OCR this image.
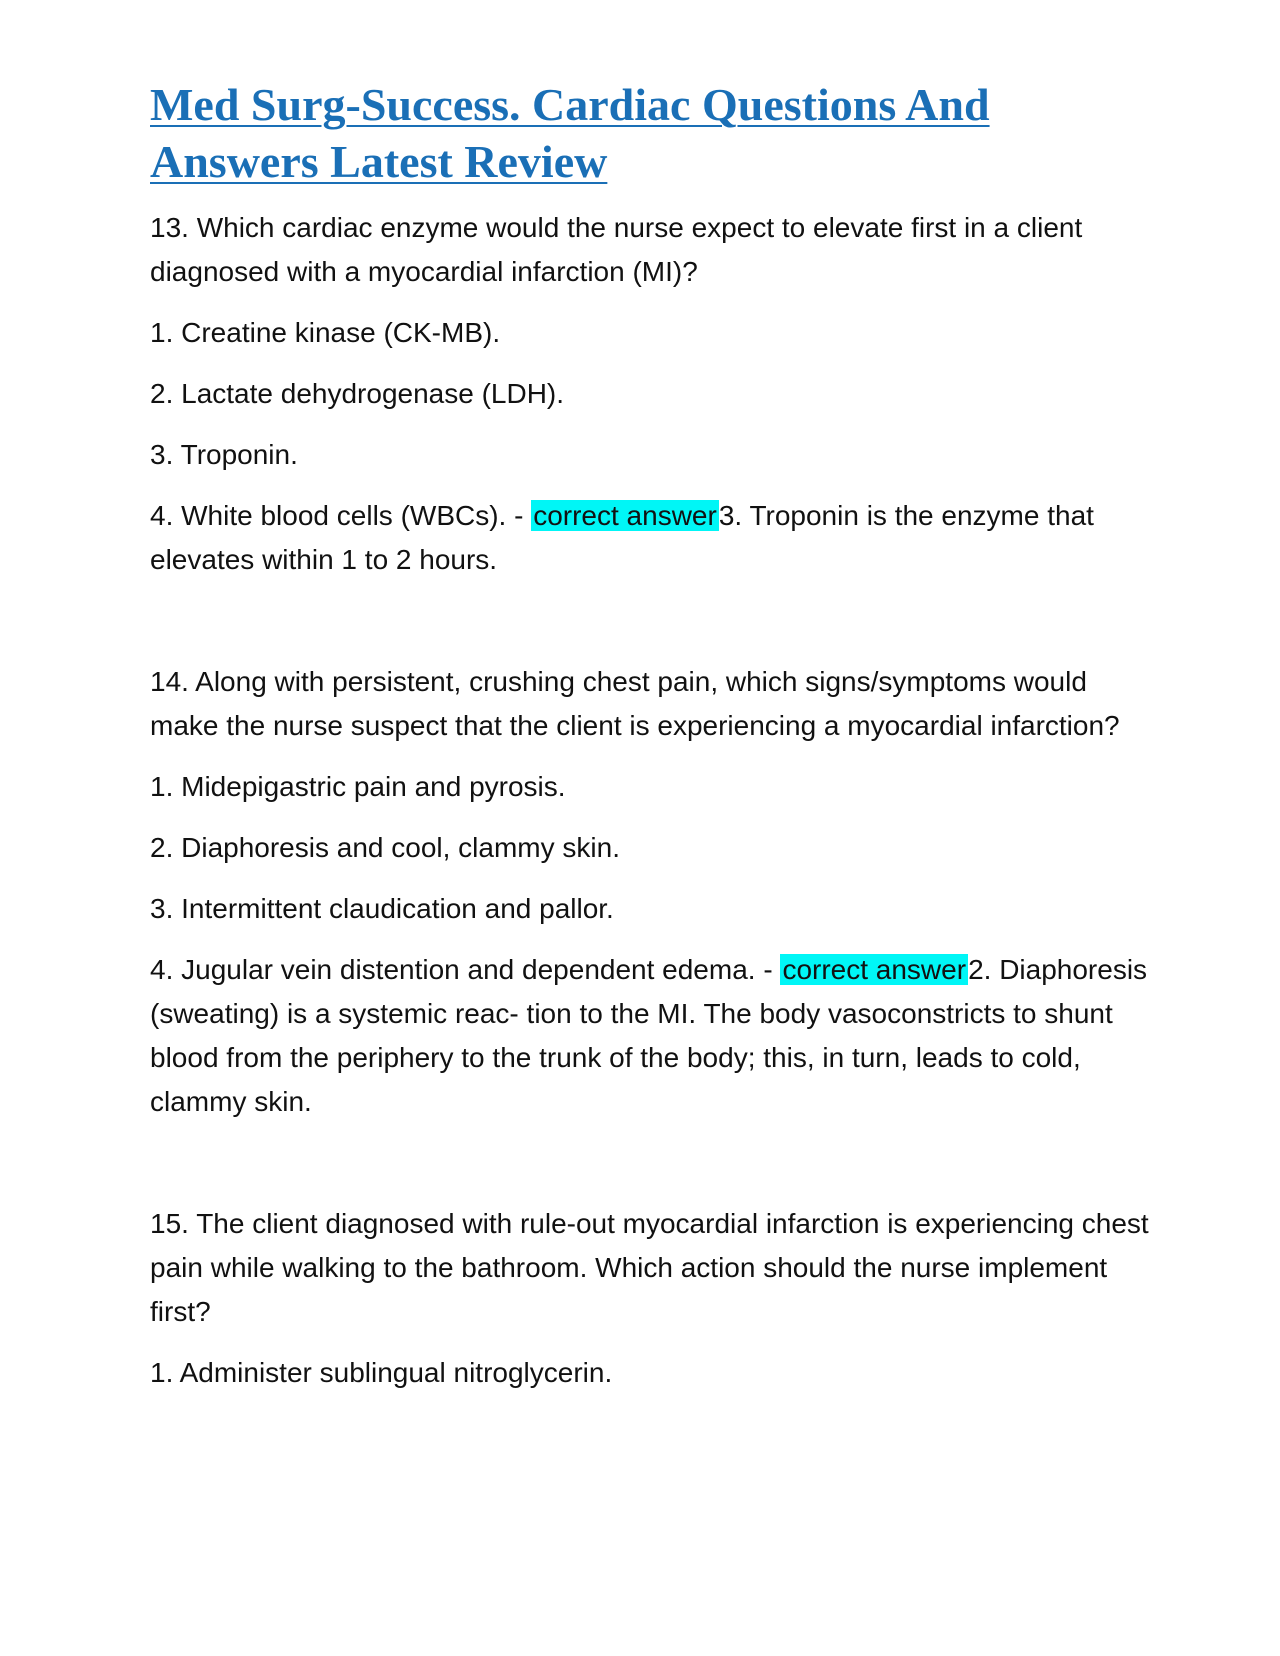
Med Surg-Success. Cardiac Questions And
Answers Latest Review

13. Which cardiac enzyme would the nurse expect to elevate first in a client diagnosed with a myocardial infarction (MI)?

1. Creatine kinase (CK-MB).

2. Lactate dehydrogenase (LDH).

3. Troponin.

4. White blood cells (WBCs). - correct answer3. Troponin is the enzyme that elevates within 1 to 2 hours.

14. Along with persistent, crushing chest pain, which signs/symptoms would make the nurse suspect that the client is experiencing a myocardial infarction?

1. Midepigastric pain and pyrosis.

2. Diaphoresis and cool, clammy skin.

3. Intermittent claudication and pallor.

4. Jugular vein distention and dependent edema. - correct answer2. Diaphoresis (sweating) is a systemic reac- tion to the MI. The body vasoconstricts to shunt blood from the periphery to the trunk of the body; this, in turn, leads to cold, clammy skin.

15. The client diagnosed with rule-out myocardial infarction is experiencing chest pain while walking to the bathroom. Which action should the nurse implement first?

1. Administer sublingual nitroglycerin.
